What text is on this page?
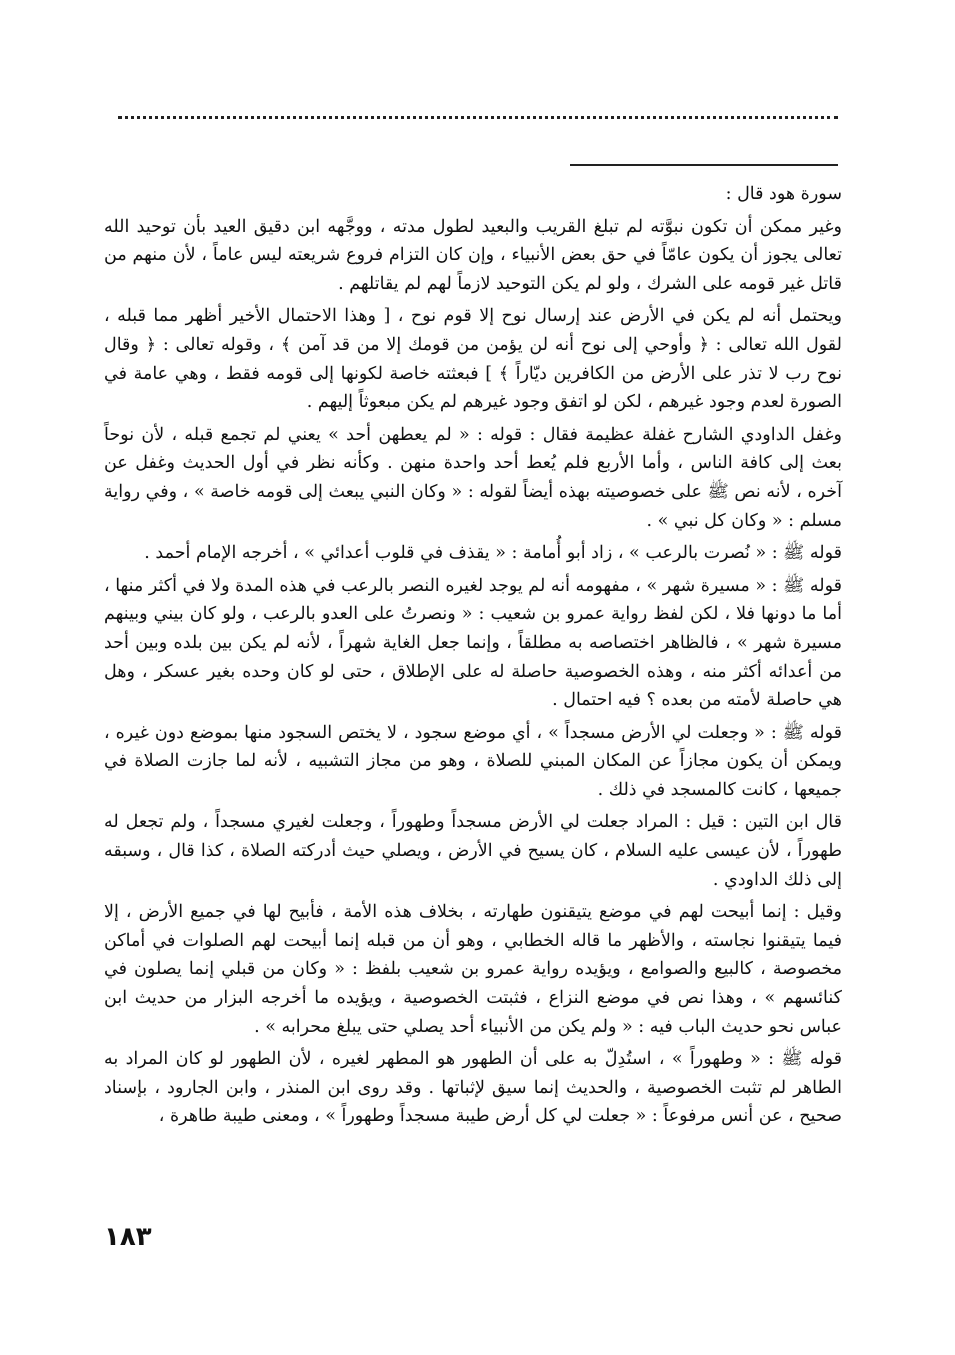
سورة هود قال :

وغير ممكن أن تكون نبوَّته لم تبلغ القريب والبعيد لطول مدته ، ووجَّهه ابن دقيق العيد بأن توحيد الله تعالى يجوز أن يكون عامّاً في حق بعض الأنبياء ، وإن كان التزام فروع شريعته ليس عاماً ، لأن منهم من قاتل غير قومه على الشرك ، ولو لم يكن التوحيد لازماً لهم لم يقاتلهم .

ويحتمل أنه لم يكن في الأرض عند إرسال نوح إلا قوم نوح ، [ وهذا الاحتمال الأخير أظهر مما قبله ، لقول الله تعالى : ﴿ وأوحي إلى نوح أنه لن يؤمن من قومك إلا من قد آمن ﴾ ، وقوله تعالى : ﴿ وقال نوح رب لا تذر على الأرض من الكافرين ديّاراً ﴾ ] فبعثته خاصة لكونها إلى قومه فقط ، وهي عامة في الصورة لعدم وجود غيرهم ، لكن لو اتفق وجود غيرهم لم يكن مبعوثاً إليهم .

وغفل الداودي الشارح غفلة عظيمة فقال : قوله : « لم يعطهن أحد » يعني لم تجمع قبله ، لأن نوحاً بعث إلى كافة الناس ، وأما الأربع فلم يُعط أحد واحدة منهن . وكأنه نظر في أول الحديث وغفل عن آخره ، لأنه نص ﷺ على خصوصيته بهذه أيضاً لقوله : « وكان النبي يبعث إلى قومه خاصة » ، وفي رواية مسلم : « وكان كل نبي » .

قوله ﷺ : « نُصرت بالرعب » ، زاد أبو أُمامة : « يقذف في قلوب أعدائي » ، أخرجه الإمام أحمد .

قوله ﷺ : « مسيرة شهر » ، مفهومه أنه لم يوجد لغيره النصر بالرعب في هذه المدة ولا في أكثر منها ، أما ما دونها فلا ، لكن لفظ رواية عمرو بن شعيب : « ونصرتُ على العدو بالرعب ، ولو كان بيني وبينهم مسيرة شهر » ، فالظاهر اختصاصه به مطلقاً ، وإنما جعل الغاية شهراً ، لأنه لم يكن بين بلده وبين أحد من أعدائه أكثر منه ، وهذه الخصوصية حاصلة له على الإطلاق ، حتى لو كان وحده بغير عسكر ، وهل هي حاصلة لأمته من بعده ؟ فيه احتمال .

قوله ﷺ : « وجعلت لي الأرض مسجداً » ، أي موضع سجود ، لا يختص السجود منها بموضع دون غيره ، ويمكن أن يكون مجازاً عن المكان المبني للصلاة ، وهو من مجاز التشبيه ، لأنه لما جازت الصلاة في جميعها ، كانت كالمسجد في ذلك .

قال ابن التين : قيل : المراد جعلت لي الأرض مسجداً وطهوراً ، وجعلت لغيري مسجداً ، ولم تجعل له طهوراً ، لأن عيسى عليه السلام ، كان يسيح في الأرض ، ويصلي حيث أدركته الصلاة ، كذا قال ، وسبقه إلى ذلك الداودي .

وقيل : إنما أبيحت لهم في موضع يتيقنون طهارته ، بخلاف هذه الأمة ، فأبيح لها في جميع الأرض ، إلا فيما يتيقنوا نجاسته ، والأظهر ما قاله الخطابي ، وهو أن من قبله إنما أبيحت لهم الصلوات في أماكن مخصوصة ، كالبيع والصوامع ، ويؤيده رواية عمرو بن شعيب بلفظ : « وكان من قبلي إنما يصلون في كنائسهم » ، وهذا نص في موضع النزاع ، فثبتت الخصوصية ، ويؤيده ما أخرجه البزار من حديث ابن عباس نحو حديث الباب فيه : « ولم يكن من الأنبياء أحد يصلي حتى يبلغ محرابه » .

قوله ﷺ : « وطهوراً » ، استُدِلّ به على أن الطهور هو المطهر لغيره ، لأن الطهور لو كان المراد به الطاهر لم تثبت الخصوصية ، والحديث إنما سيق لإثباتها . وقد روى ابن المنذر ، وابن الجارود ، بإسناد صحيح ، عن أنس مرفوعاً : « جعلت لي كل أرض طيبة مسجداً وطهوراً » ، ومعنى طيبة طاهرة ،

١٨٣
